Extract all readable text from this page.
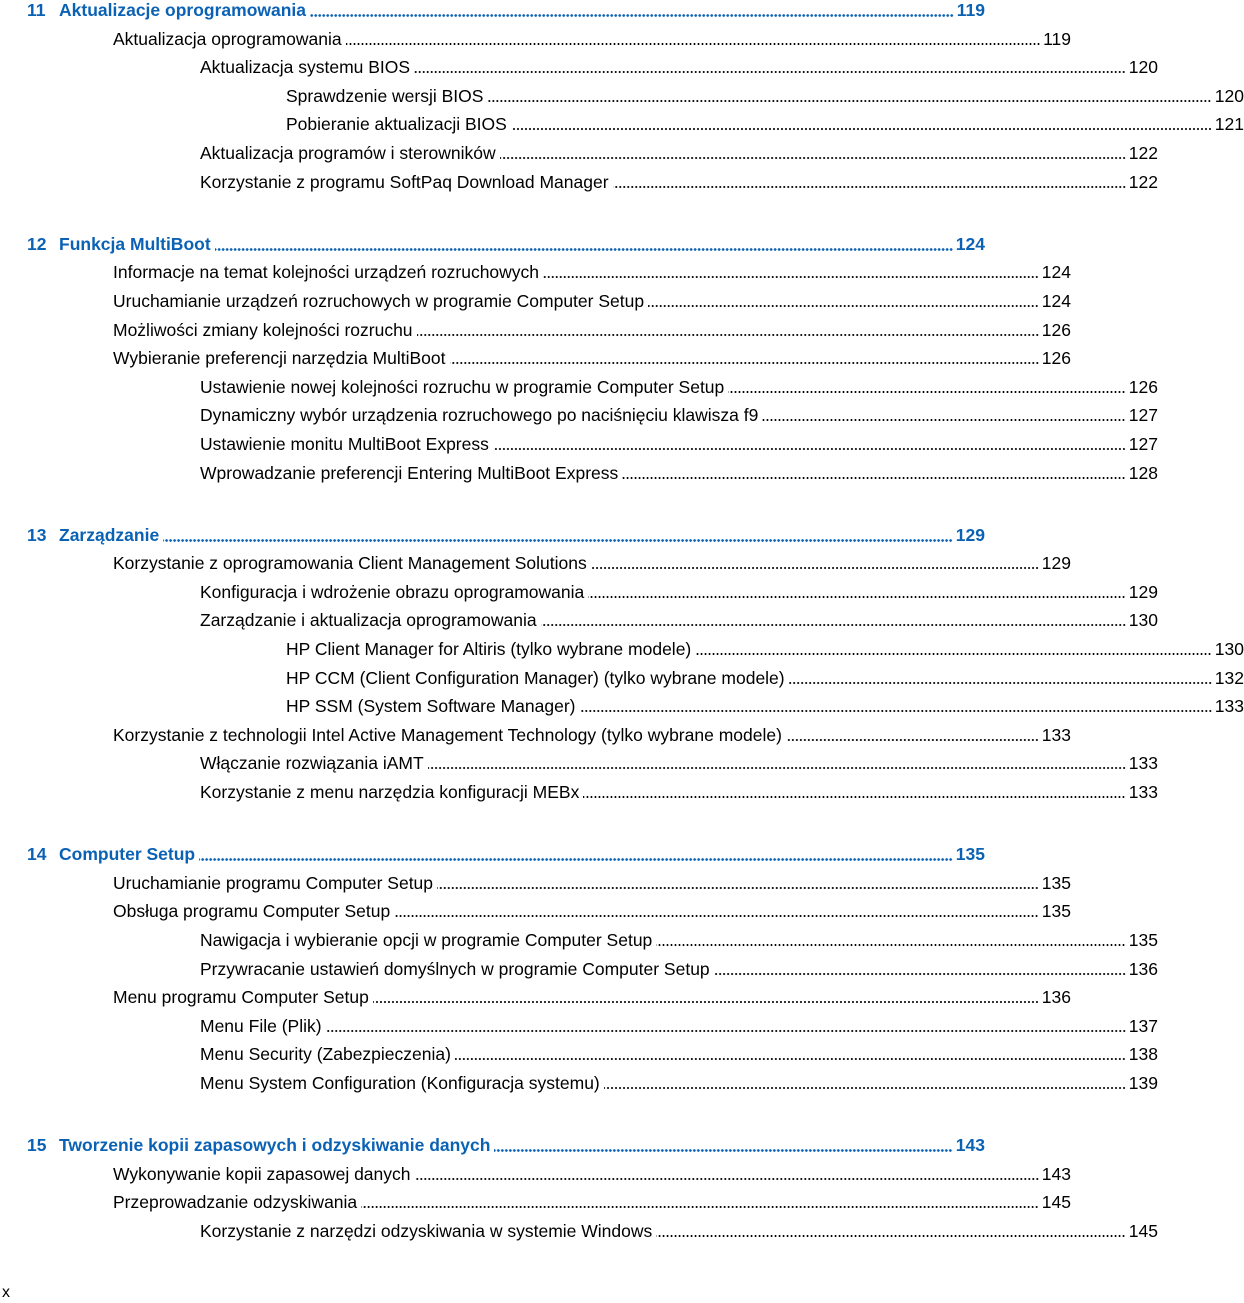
11 Aktualizacje oprogramowania	119
Aktualizacja oprogramowania	119
Aktualizacja systemu BIOS	120
Sprawdzenie wersji BIOS	120
Pobieranie aktualizacji BIOS	121
Aktualizacja programów i sterowników	122
Korzystanie z programu SoftPaq Download Manager	122
12 Funkcja MultiBoot	124
Informacje na temat kolejności urządzeń rozruchowych	124
Uruchamianie urządzeń rozruchowych w programie Computer Setup	124
Możliwości zmiany kolejności rozruchu	126
Wybieranie preferencji narzędzia MultiBoot	126
Ustawienie nowej kolejności rozruchu w programie Computer Setup	126
Dynamiczny wybór urządzenia rozruchowego po naciśnięciu klawisza f9	127
Ustawienie monitu MultiBoot Express	127
Wprowadzanie preferencji Entering MultiBoot Express	128
13 Zarządzanie	129
Korzystanie z oprogramowania Client Management Solutions	129
Konfiguracja i wdrożenie obrazu oprogramowania	129
Zarządzanie i aktualizacja oprogramowania	130
HP Client Manager for Altiris (tylko wybrane modele)	130
HP CCM (Client Configuration Manager) (tylko wybrane modele)	132
HP SSM (System Software Manager)	133
Korzystanie z technologii Intel Active Management Technology (tylko wybrane modele)	133
Włączanie rozwiązania iAMT	133
Korzystanie z menu narzędzia konfiguracji MEBx	133
14 Computer Setup	135
Uruchamianie programu Computer Setup	135
Obsługa programu Computer Setup	135
Nawigacja i wybieranie opcji w programie Computer Setup	135
Przywracanie ustawień domyślnych w programie Computer Setup	136
Menu programu Computer Setup	136
Menu File (Plik)	137
Menu Security (Zabezpieczenia)	138
Menu System Configuration (Konfiguracja systemu)	139
15 Tworzenie kopii zapasowych i odzyskiwanie danych	143
Wykonywanie kopii zapasowej danych	143
Przeprowadzanie odzyskiwania	145
Korzystanie z narzędzi odzyskiwania w systemie Windows	145
x
